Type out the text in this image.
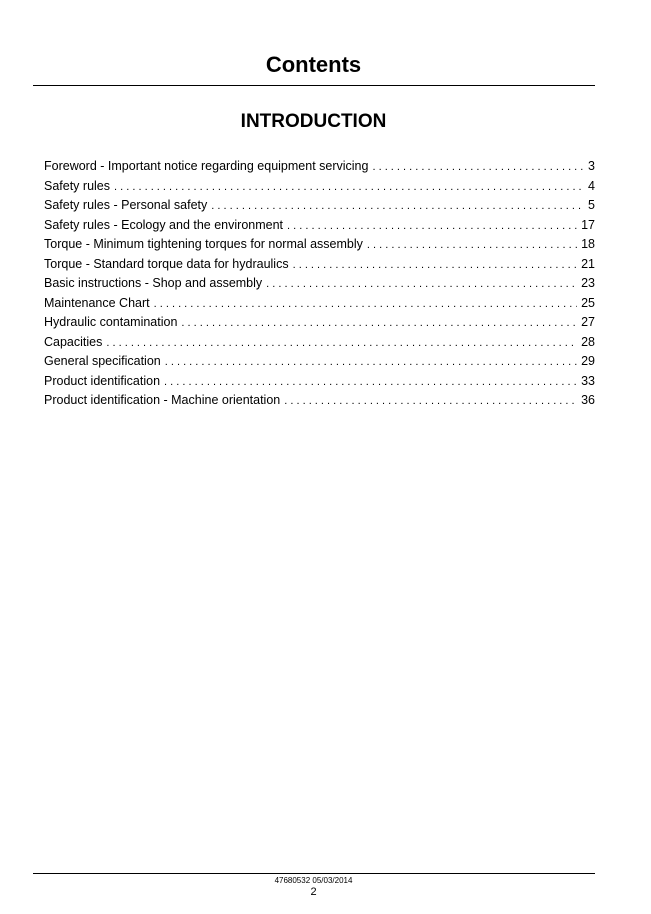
Contents
INTRODUCTION
Foreword - Important notice regarding equipment servicing . . .	3
Safety rules . . .	4
Safety rules - Personal safety . . .	5
Safety rules - Ecology and the environment . . .	17
Torque - Minimum tightening torques for normal assembly . . .	18
Torque - Standard torque data for hydraulics . . .	21
Basic instructions - Shop and assembly . . .	23
Maintenance Chart . . .	25
Hydraulic contamination . . .	27
Capacities . . .	28
General specification . . .	29
Product identification . . .	33
Product identification - Machine orientation . . .	36
47680532 05/03/2014
2
